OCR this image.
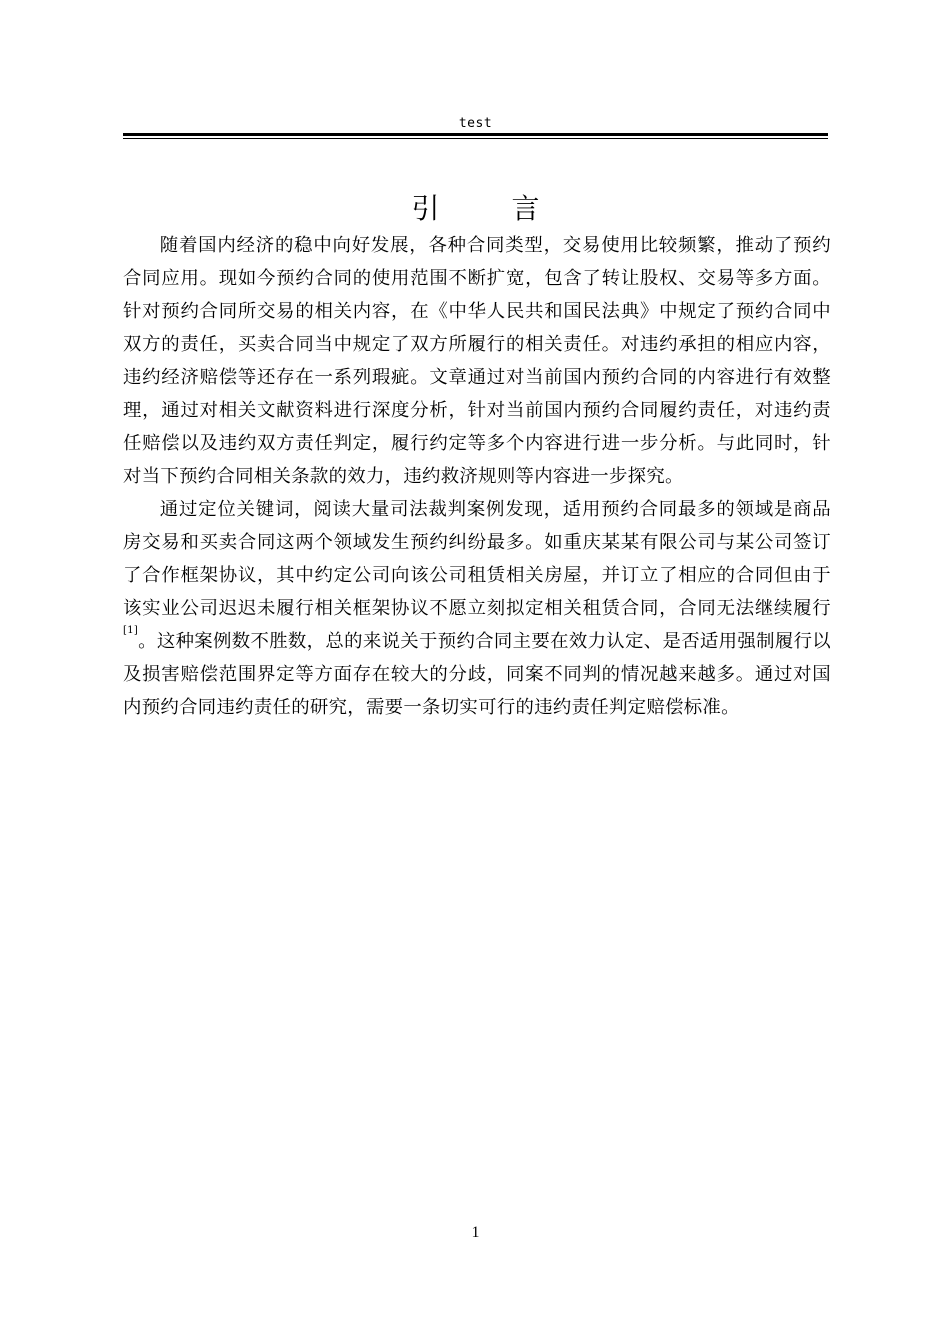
test
引言

随着国内经济的稳中向好发展，各种合同类型，交易使用比较频繁，推动了预约合同应用。现如今预约合同的使用范围不断扩宽，包含了转让股权、交易等多方面。针对预约合同所交易的相关内容，在《中华人民共和国民法典》中规定了预约合同中双方的责任，买卖合同当中规定了双方所履行的相关责任。对违约承担的相应内容，违约经济赔偿等还存在一系列瑕疵。文章通过对当前国内预约合同的内容进行有效整理，通过对相关文献资料进行深度分析，针对当前国内预约合同履约责任，对违约责任赔偿以及违约双方责任判定，履行约定等多个内容进行进一步分析。与此同时，针对当下预约合同相关条款的效力，违约救济规则等内容进一步探究。

通过定位关键词，阅读大量司法裁判案例发现，适用预约合同最多的领域是商品房交易和买卖合同这两个领域发生预约纠纷最多。如重庆某某有限公司与某公司签订了合作框架协议，其中约定公司向该公司租赁相关房屋，并订立了相应的合同但由于该实业公司迟迟未履行相关框架协议不愿立刻拟定相关租赁合同，合同无法继续履行[1]。这种案例数不胜数，总的来说关于预约合同主要在效力认定、是否适用强制履行以及损害赔偿范围界定等方面存在较大的分歧，同案不同判的情况越来越多。通过对国内预约合同违约责任的研究，需要一条切实可行的违约责任判定赔偿标准。

1
